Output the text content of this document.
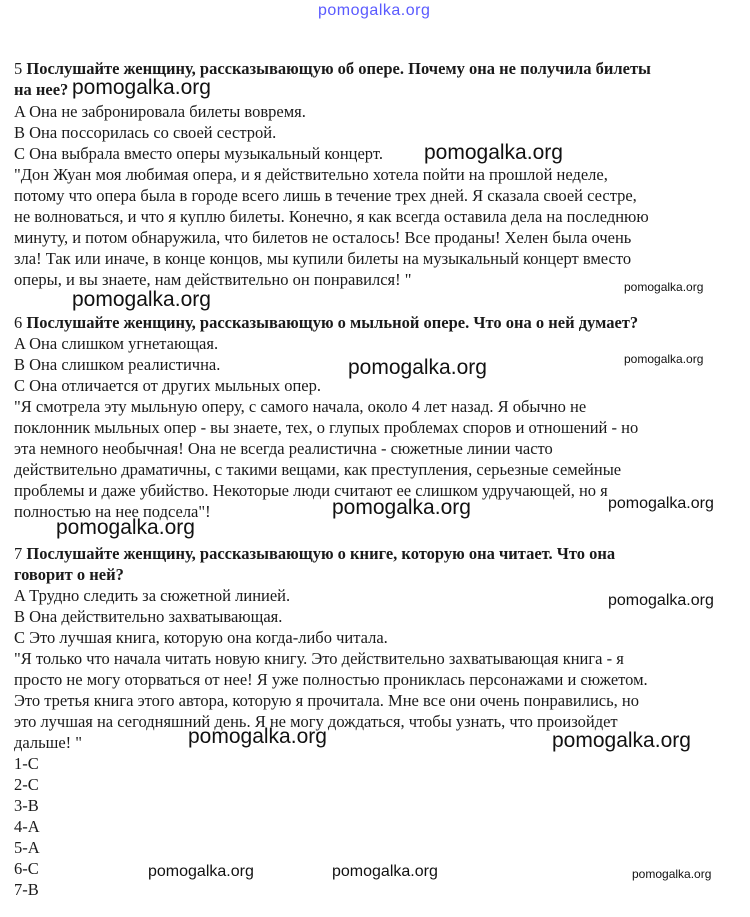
pomogalka.org
5 Послушайте женщину, рассказывающую об опере. Почему она не получила билеты
на нее?
A Она не забронировала билеты вовремя.
B Она поссорилась со своей сестрой.
C Она выбрала вместо оперы музыкальный концерт.
"Дон Жуан моя любимая опера, и я действительно хотела пойти на прошлой неделе,
потому что опера была в городе всего лишь в течение трех дней. Я сказала своей сестре,
не волноваться, и что я куплю билеты. Конечно, я как всегда оставила дела на последнюю
минуту, и потом обнаружила, что билетов не осталось! Все проданы! Хелен была очень
зла! Так или иначе, в конце концов, мы купили билеты на музыкальный концерт вместо
оперы, и вы знаете, нам действительно он понравился! "
6 Послушайте женщину, рассказывающую о мыльной опере. Что она о ней думает?
A Она слишком угнетающая.
B Она слишком реалистична.
C Она отличается от других мыльных опер.
"Я смотрела эту мыльную оперу, с самого начала, около 4 лет назад. Я обычно не
поклонник мыльных опер - вы знаете, тех, о глупых проблемах споров и отношений - но
эта немного необычная! Она не всегда реалистична - сюжетные линии часто
действительно драматичны, с такими вещами, как преступления, серьезные семейные
проблемы и даже убийство. Некоторые люди считают ее слишком удручающей, но я
полностью на нее подсела"!
7 Послушайте женщину, рассказывающую о книге, которую она читает. Что она
говорит о ней?
A Трудно следить за сюжетной линией.
B Она действительно захватывающая.
C Это лучшая книга, которую она когда-либо читала.
"Я только что начала читать новую книгу. Это действительно захватывающая книга - я
просто не могу оторваться от нее! Я уже полностью прониклась персонажами и сюжетом.
Это третья книга этого автора, которую я прочитала. Мне все они очень понравились, но
это лучшая на сегодняшний день. Я не могу дождаться, чтобы узнать, что произойдет
дальше! "
1-C
2-C
3-B
4-A
5-A
6-C
7-B
pomogalka.org
pomogalka.org
pomogalka.org
pomogalka.org
pomogalka.org
pomogalka.org
pomogalka.org	pomogalka.org
pomogalka.org
pomogalka.org
pomogalka.org	pomogalka.org
pomogalka.org	pomogalka.org	pomogalka.org
